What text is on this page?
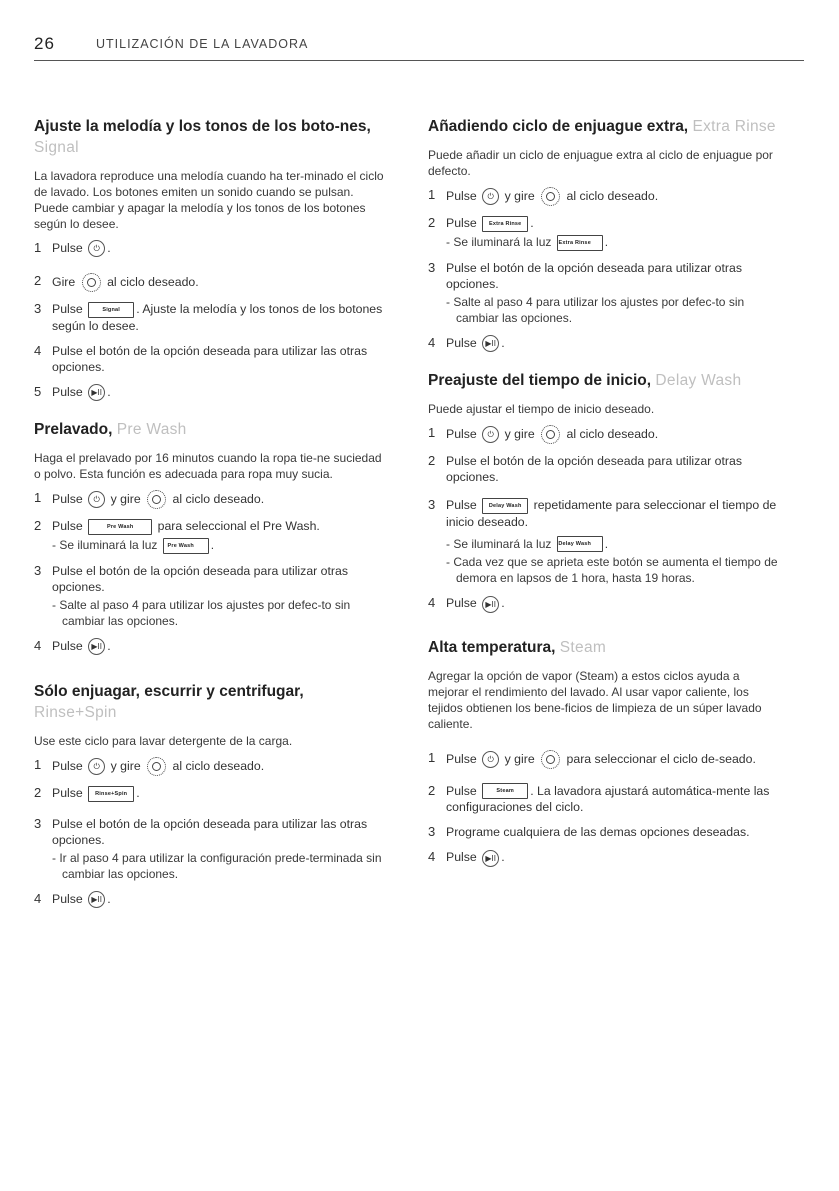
26	UTILIZACIÓN DE LA LAVADORA
Ajuste la melodía y los tonos de los boto-nes, Signal

La lavadora reproduce una melodía cuando ha ter-minado el ciclo de lavado. Los botones emiten un sonido cuando se pulsan. Puede cambiar y apagar la melodía y los tonos de los botones según lo desee.

1 Pulse ⏻ .
2 Gire	al ciclo deseado.
3 Pulse	Signal . Ajuste la melodía y los tonos de los botones según lo desee.
4 Pulse el botón de la opción deseada para utilizar las otras opciones.
5 Pulse ▶II .
Prelavado, Pre Wash

Haga el prelavado por 16 minutos cuando la ropa tie-ne suciedad o polvo. Esta función es adecuada para ropa muy sucia.

1 Pulse ⏻ y gire	al ciclo deseado.
2 Pulse	Pre Wash para seleccional el Pre Wash.
- Se iluminará la luz Pre Wash .
3 Pulse el botón de la opción deseada para utilizar otras opciones.
- Salte al paso 4 para utilizar los ajustes por defec-to sin cambiar las opciones.
4 Pulse ▶II .
Sólo enjuagar, escurrir y centrifugar,
Rinse+Spin

Use este ciclo para lavar detergente de la carga.

1 Pulse ⏻ y gire	al ciclo deseado.
2 Pulse Rinse+Spin .
3 Pulse el botón de la opción deseada para utilizar las otras opciones.
- Ir al paso 4 para utilizar la configuración prede-terminada sin cambiar las opciones.
4 Pulse ▶II .
Añadiendo ciclo de enjuague extra, Extra Rinse

Puede añadir un ciclo de enjuague extra al ciclo de enjuague por defecto.

1 Pulse ⏻ y gire	al ciclo deseado.
2 Pulse Extra Rinse .
- Se iluminará la luz Extra Rinse .
3 Pulse el botón de la opción deseada para utilizar otras opciones.
- Salte al paso 4 para utilizar los ajustes por defec-to sin cambiar las opciones.
4 Pulse ▶II .
Preajuste del tiempo de inicio, Delay Wash

Puede ajustar el tiempo de inicio deseado.

1 Pulse ⏻ y gire	al ciclo deseado.
2 Pulse el botón de la opción deseada para utilizar otras opciones.
3 Pulse Delay Wash repetidamente para seleccionar el tiempo de inicio deseado.
- Se iluminará la luz Delay Wash .
- Cada vez que se aprieta este botón se aumenta el tiempo de demora en lapsos de 1 hora, hasta 19 horas.
4 Pulse ▶II .
Alta temperatura, Steam

Agregar la opción de vapor (Steam) a estos ciclos ayuda a mejorar el rendimiento del lavado. Al usar vapor caliente, los tejidos obtienen los bene-ficios de limpieza de un súper lavado caliente.

1 Pulse ⏻ y gire	para seleccionar el ciclo de-seado.
2 Pulse	Steam . La lavadora ajustará automática-mente las configuraciones del ciclo.
3 Programe cualquiera de las demas opciones deseadas.
4 Pulse ▶II .
